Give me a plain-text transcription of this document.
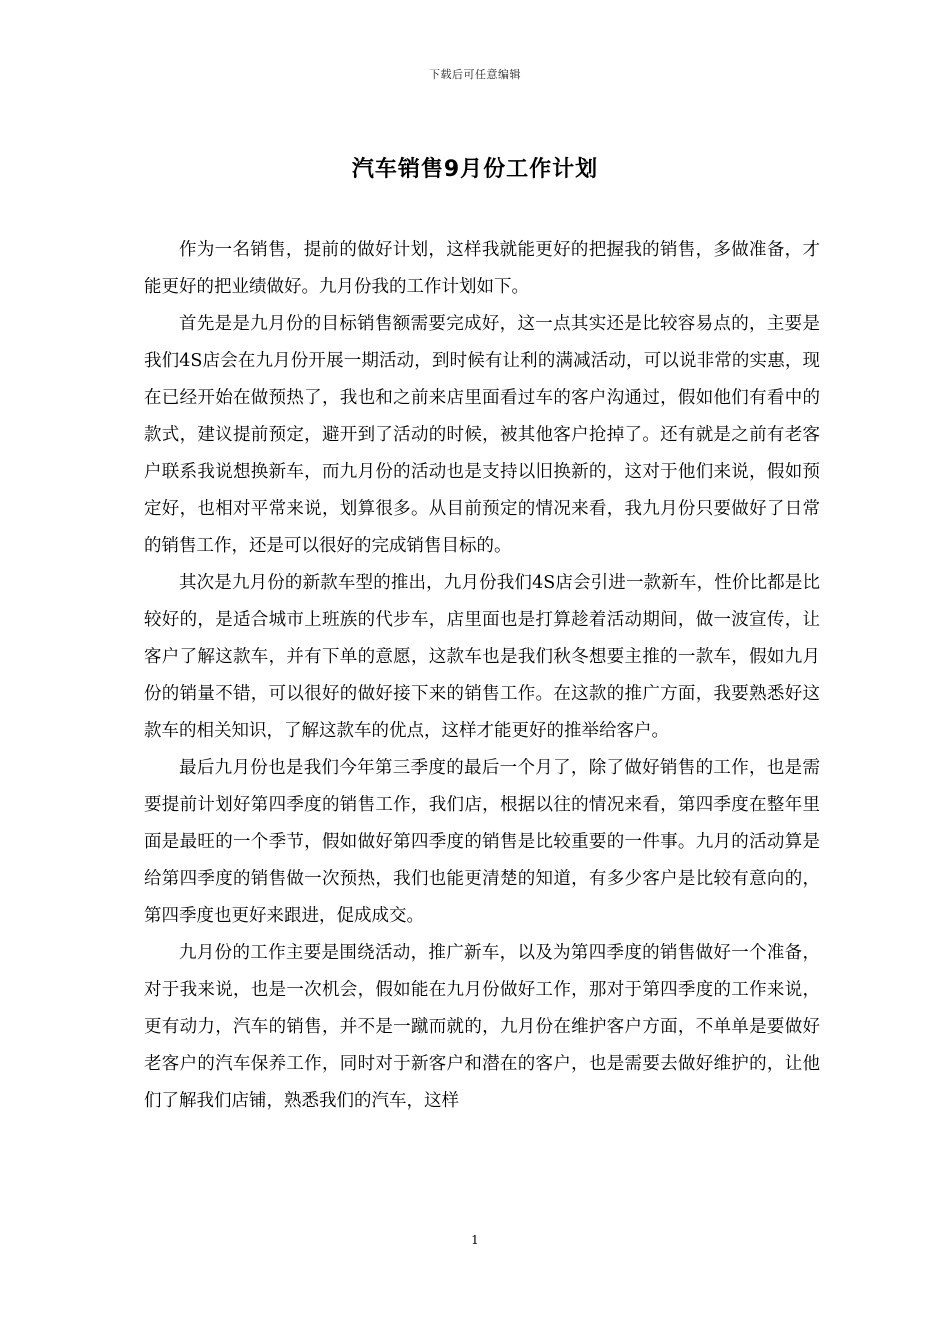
下载后可任意编辑
汽车销售9月份工作计划

作为一名销售，提前的做好计划，这样我就能更好的把握我的销售，多做准备，才能更好的把业绩做好。九月份我的工作计划如下。

首先是是九月份的目标销售额需要完成好，这一点其实还是比较容易点的，主要是我们4S店会在九月份开展一期活动，到时候有让利的满减活动，可以说非常的实惠，现在已经开始在做预热了，我也和之前来店里面看过车的客户沟通过，假如他们有看中的款式，建议提前预定，避开到了活动的时候，被其他客户抢掉了。还有就是之前有老客户联系我说想换新车，而九月份的活动也是支持以旧换新的，这对于他们来说，假如预定好，也相对平常来说，划算很多。从目前预定的情况来看，我九月份只要做好了日常的销售工作，还是可以很好的完成销售目标的。

其次是九月份的新款车型的推出，九月份我们4S店会引进一款新车，性价比都是比较好的，是适合城市上班族的代步车，店里面也是打算趁着活动期间，做一波宣传，让客户了解这款车，并有下单的意愿，这款车也是我们秋冬想要主推的一款车，假如九月份的销量不错，可以很好的做好接下来的销售工作。在这款的推广方面，我要熟悉好这款车的相关知识，了解这款车的优点，这样才能更好的推举给客户。

最后九月份也是我们今年第三季度的最后一个月了，除了做好销售的工作，也是需要提前计划好第四季度的销售工作，我们店，根据以往的情况来看，第四季度在整年里面是最旺的一个季节，假如做好第四季度的销售是比较重要的一件事。九月的活动算是给第四季度的销售做一次预热，我们也能更清楚的知道，有多少客户是比较有意向的，第四季度也更好来跟进，促成成交。

九月份的工作主要是围绕活动，推广新车，以及为第四季度的销售做好一个准备，对于我来说，也是一次机会，假如能在九月份做好工作，那对于第四季度的工作来说，更有动力，汽车的销售，并不是一蹴而就的，九月份在维护客户方面，不单单是要做好老客户的汽车保养工作，同时对于新客户和潜在的客户，也是需要去做好维护的，让他们了解我们店铺，熟悉我们的汽车，这样

1
